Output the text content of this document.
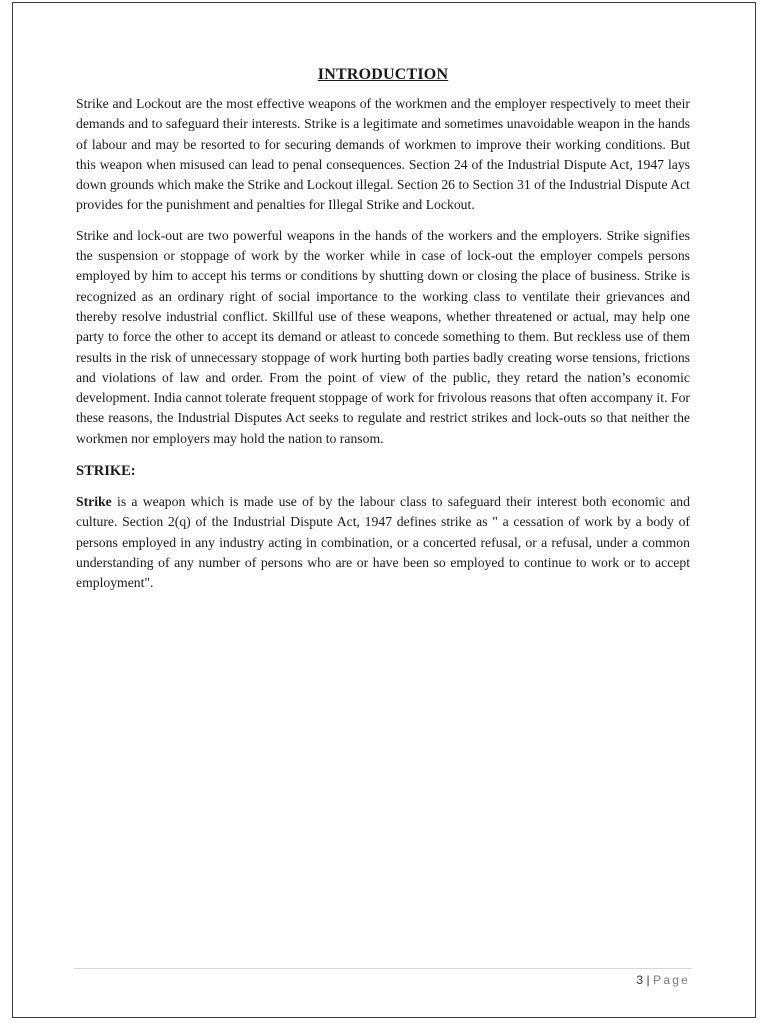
INTRODUCTION

Strike and Lockout are the most effective weapons of the workmen and the employer respectively to meet their demands and to safeguard their interests. Strike is a legitimate and sometimes unavoidable weapon in the hands of labour and may be resorted to for securing demands of workmen to improve their working conditions. But this weapon when misused can lead to penal consequences. Section 24 of the Industrial Dispute Act, 1947 lays down grounds which make the Strike and Lockout illegal. Section 26 to Section 31 of the Industrial Dispute Act provides for the punishment and penalties for Illegal Strike and Lockout.

Strike and lock-out are two powerful weapons in the hands of the workers and the employers. Strike signifies the suspension or stoppage of work by the worker while in case of lock-out the employer compels persons employed by him to accept his terms or conditions by shutting down or closing the place of business. Strike is recognized as an ordinary right of social importance to the working class to ventilate their grievances and thereby resolve industrial conflict. Skillful use of these weapons, whether threatened or actual, may help one party to force the other to accept its demand or atleast to concede something to them. But reckless use of them results in the risk of unnecessary stoppage of work hurting both parties badly creating worse tensions, frictions and violations of law and order. From the point of view of the public, they retard the nation’s economic development. India cannot tolerate frequent stoppage of work for frivolous reasons that often accompany it. For these reasons, the Industrial Disputes Act seeks to regulate and restrict strikes and lock-outs so that neither the workmen nor employers may hold the nation to ransom.

STRIKE:

Strike is a weapon which is made use of by the labour class to safeguard their interest both economic and culture. Section 2(q) of the Industrial Dispute Act, 1947 defines strike as " a cessation of work by a body of persons employed in any industry acting in combination, or a concerted refusal, or a refusal, under a common understanding of any number of persons who are or have been so employed to continue to work or to accept employment".

3 | Page
